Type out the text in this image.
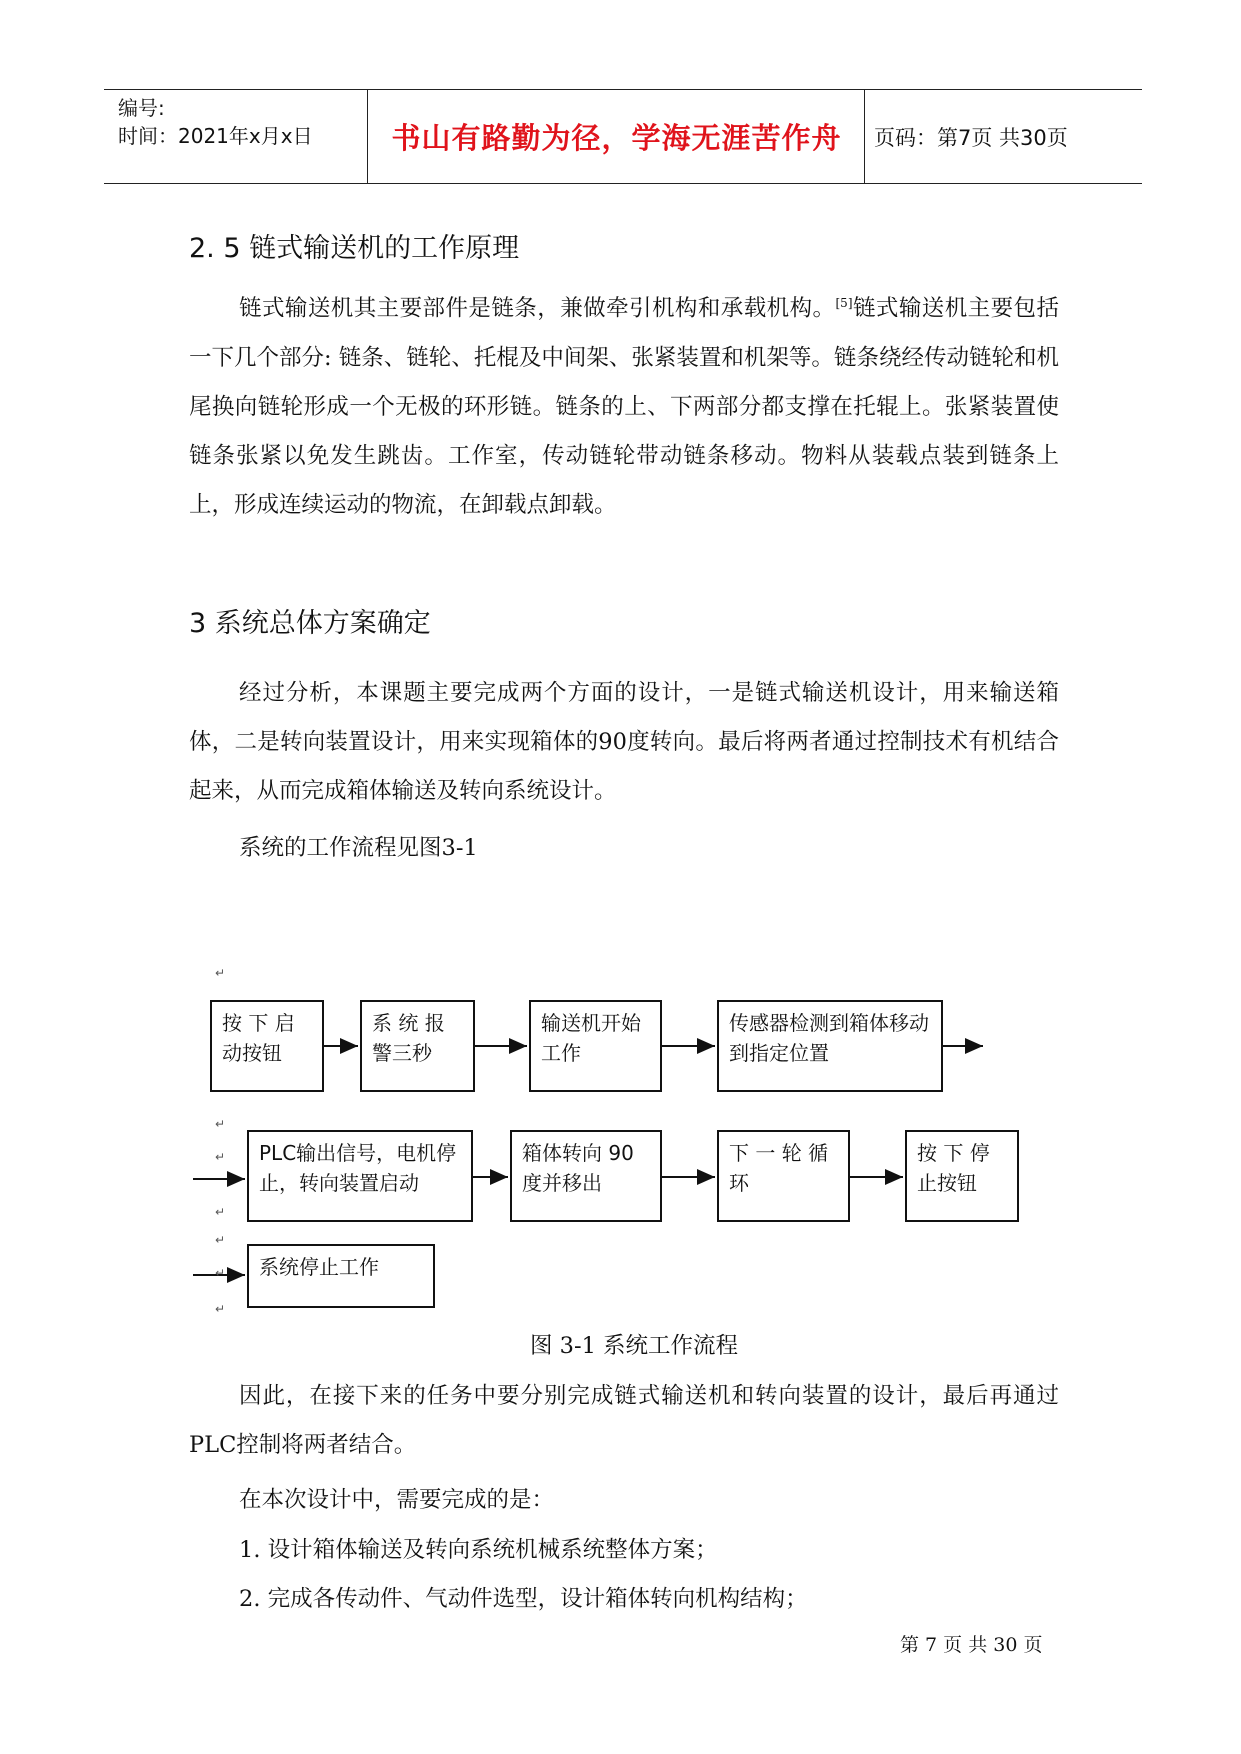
编号:
时间：2021年x月x日	书山有路勤为径，学海无涯苦作舟	页码：第7页 共30页
2. 5 链式输送机的工作原理
链式输送机其主要部件是链条，兼做牵引机构和承载机构。[5]链式输送机主要包括一下几个部分: 链条、链轮、托棍及中间架、张紧装置和机架等。链条绕经传动链轮和机尾换向链轮形成一个无极的环形链。链条的上、下两部分都支撑在托辊上。张紧装置使链条张紧以免发生跳齿。工作室，传动链轮带动链条移动。物料从装载点装到链条上上，形成连续运动的物流，在卸载点卸载。
3 系统总体方案确定
经过分析，本课题主要完成两个方面的设计，一是链式输送机设计，用来输送箱体，二是转向装置设计，用来实现箱体的90度转向。最后将两者通过控制技术有机结合起来，从而完成箱体输送及转向系统设计。
系统的工作流程见图3-1
↵
↵
↵
↵
↵
↵
↵
按 下 启 动按钮
系 统 报 警三秒
输送机开始工作
传感器检测到箱体移动到指定位置
PLC输出信号，电机停止，转向装置启动
箱体转向 90度并移出
下 一 轮 循 环
按 下 停 止按钮
系统停止工作
图 3-1 系统工作流程
因此，在接下来的任务中要分别完成链式输送机和转向装置的设计，最后再通过PLC控制将两者结合。
在本次设计中，需要完成的是：
1. 设计箱体输送及转向系统机械系统整体方案；
2. 完成各传动件、气动件选型，设计箱体转向机构结构；
第 7 页 共 30 页
